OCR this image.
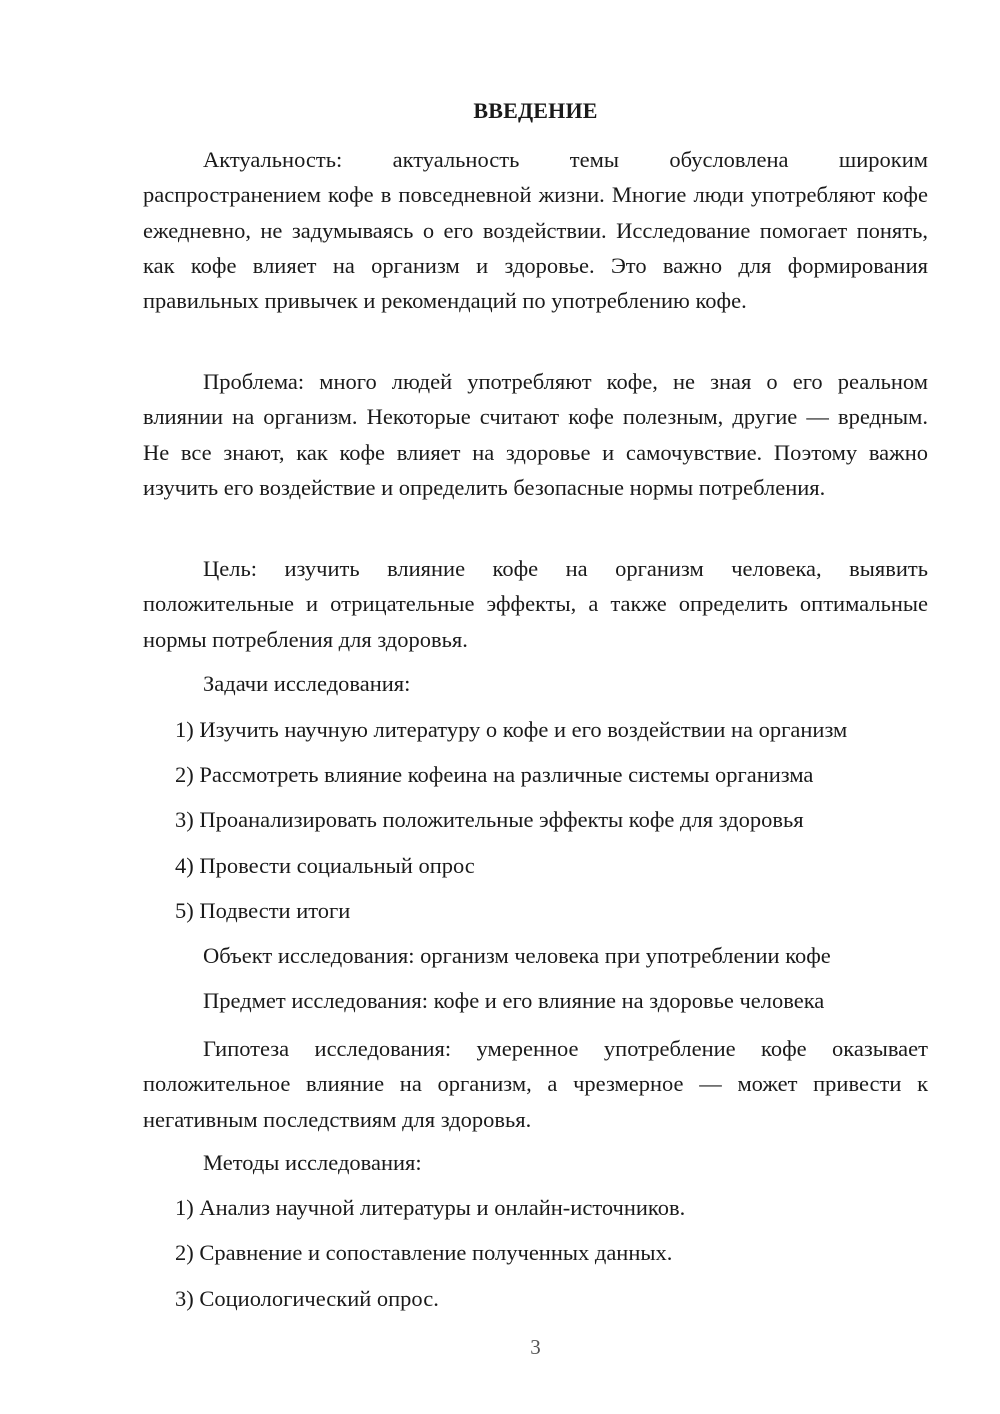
ВВЕДЕНИЕ

Актуальность: актуальность темы обусловлена широким распространением кофе в повседневной жизни. Многие люди употребляют кофе ежедневно, не задумываясь о его воздействии. Исследование помогает понять, как кофе влияет на организм и здоровье. Это важно для формирования правильных привычек и рекомендаций по употреблению кофе.

Проблема: много людей употребляют кофе, не зная о его реальном влиянии на организм. Некоторые считают кофе полезным, другие — вредным. Не все знают, как кофе влияет на здоровье и самочувствие. Поэтому важно изучить его воздействие и определить безопасные нормы потребления.

Цель: изучить влияние кофе на организм человека, выявить положительные и отрицательные эффекты, а также определить оптимальные нормы потребления для здоровья.

Задачи исследования:

1) Изучить научную литературу о кофе и его воздействии на организм

2) Рассмотреть влияние кофеина на различные системы организма

3) Проанализировать положительные эффекты кофе для здоровья

4) Провести социальный опрос

5) Подвести итоги

Объект исследования: организм человека при употреблении кофе

Предмет исследования: кофе и его влияние на здоровье человека

Гипотеза исследования: умеренное употребление кофе оказывает положительное влияние на организм, а чрезмерное — может привести к негативным последствиям для здоровья.

Методы исследования:

1) Анализ научной литературы и онлайн-источников.

2) Сравнение и сопоставление полученных данных.

3) Социологический опрос.

3
